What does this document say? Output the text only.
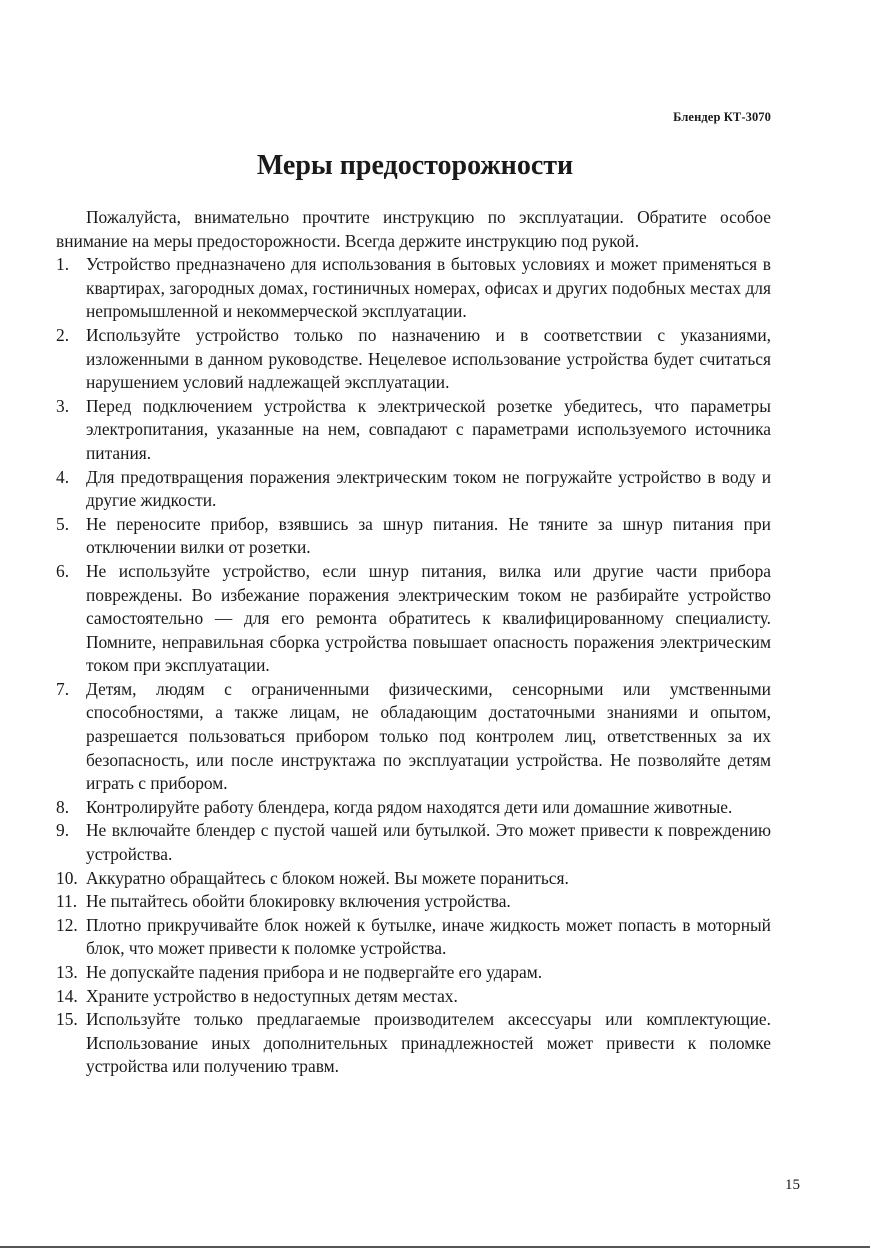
Блендер КТ-3070
Меры предосторожности

Пожалуйста, внимательно прочтите инструкцию по эксплуатации. Обратите особое внимание на меры предосторожности. Всегда держите инструкцию под рукой.

1. Устройство предназначено для использования в бытовых условиях и может применяться в квартирах, загородных домах, гостиничных номерах, офисах и других подобных местах для непромышленной и некоммерческой эксплуатации.
2. Используйте устройство только по назначению и в соответствии с указаниями, изложенными в данном руководстве. Нецелевое использование устройства будет считаться нарушением условий надлежащей эксплуатации.
3. Перед подключением устройства к электрической розетке убедитесь, что параметры электропитания, указанные на нем, совпадают с параметрами используемого источника питания.
4. Для предотвращения поражения электрическим током не погружайте устройство в воду и другие жидкости.
5. Не переносите прибор, взявшись за шнур питания. Не тяните за шнур питания при отключении вилки от розетки.
6. Не используйте устройство, если шнур питания, вилка или другие части прибора повреждены. Во избежание поражения электрическим током не разбирайте устройство самостоятельно — для его ремонта обратитесь к квалифицированному специалисту. Помните, неправильная сборка устройства повышает опасность поражения электрическим током при эксплуатации.
7. Детям, людям с ограниченными физическими, сенсорными или умственными способностями, а также лицам, не обладающим достаточными знаниями и опытом, разрешается пользоваться прибором только под контролем лиц, ответственных за их безопасность, или после инструктажа по эксплуатации устройства. Не позволяйте детям играть с прибором.
8. Контролируйте работу блендера, когда рядом находятся дети или домашние животные.
9. Не включайте блендер с пустой чашей или бутылкой. Это может привести к повреждению устройства.
10. Аккуратно обращайтесь с блоком ножей. Вы можете пораниться.
11. Не пытайтесь обойти блокировку включения устройства.
12. Плотно прикручивайте блок ножей к бутылке, иначе жидкость может попасть в моторный блок, что может привести к поломке устройства.
13. Не допускайте падения прибора и не подвергайте его ударам.
14. Храните устройство в недоступных детям местах.
15. Используйте только предлагаемые производителем аксессуары или комплектующие. Использование иных дополнительных принадлежностей может привести к поломке устройства или получению травм.
15
